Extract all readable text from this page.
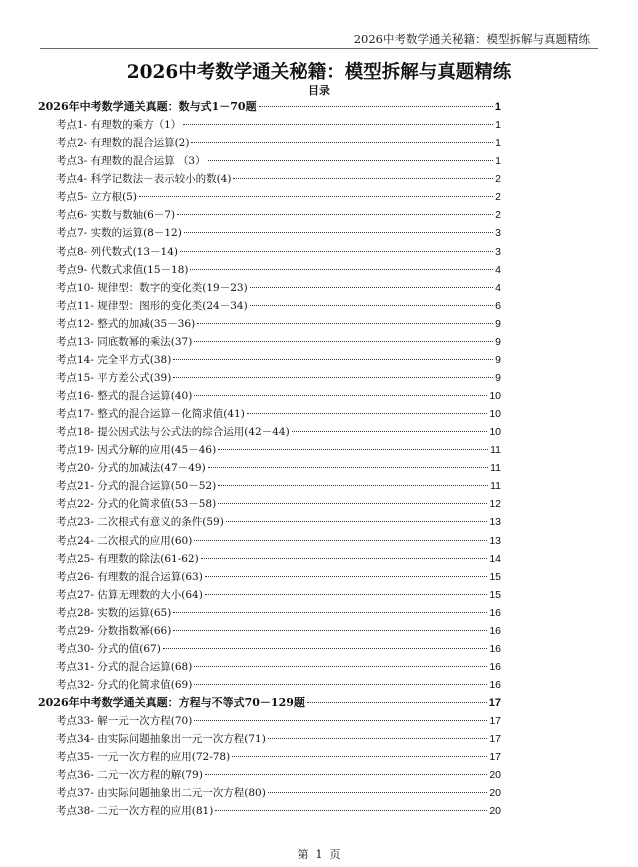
2026中考数学通关秘籍：模型拆解与真题精练
2026中考数学通关秘籍：模型拆解与真题精练
目录
2026年中考数学通关真题：数与式1－70题	1
考点1- 有理数的乘方（1）	1
考点2- 有理数的混合运算(2)	1
考点3- 有理数的混合运算 （3）	1
考点4- 科学记数法－表示较小的数(4)	2
考点5- 立方根(5)	2
考点6- 实数与数轴(6－7)	2
考点7- 实数的运算(8－12)	3
考点8- 列代数式(13－14)	3
考点9- 代数式求值(15－18)	4
考点10- 规律型：数字的变化类(19－23)	4
考点11- 规律型：图形的变化类(24－34)	6
考点12- 整式的加减(35－36)	9
考点13- 同底数幂的乘法(37)	9
考点14- 完全平方式(38)	9
考点15- 平方差公式(39)	9
考点16- 整式的混合运算(40)	10
考点17- 整式的混合运算－化简求值(41)	10
考点18- 提公因式法与公式法的综合运用(42－44)	10
考点19- 因式分解的应用(45－46)	11
考点20- 分式的加减法(47－49)	11
考点21- 分式的混合运算(50－52)	11
考点22- 分式的化简求值(53－58)	12
考点23- 二次根式有意义的条件(59)	13
考点24- 二次根式的应用(60)	13
考点25- 有理数的除法(61-62)	14
考点26- 有理数的混合运算(63)	15
考点27- 估算无理数的大小(64)	15
考点28- 实数的运算(65)	16
考点29- 分数指数幂(66)	16
考点30- 分式的值(67)	16
考点31- 分式的混合运算(68)	16
考点32- 分式的化简求值(69)	16
2026年中考数学通关真题：方程与不等式70－129题	17
考点33- 解一元一次方程(70)	17
考点34- 由实际问题抽象出一元一次方程(71)	17
考点35- 一元一次方程的应用(72-78)	17
考点36- 二元一次方程的解(79)	20
考点37- 由实际问题抽象出二元一次方程(80)	20
考点38- 二元一次方程的应用(81)	20
第  1  页
